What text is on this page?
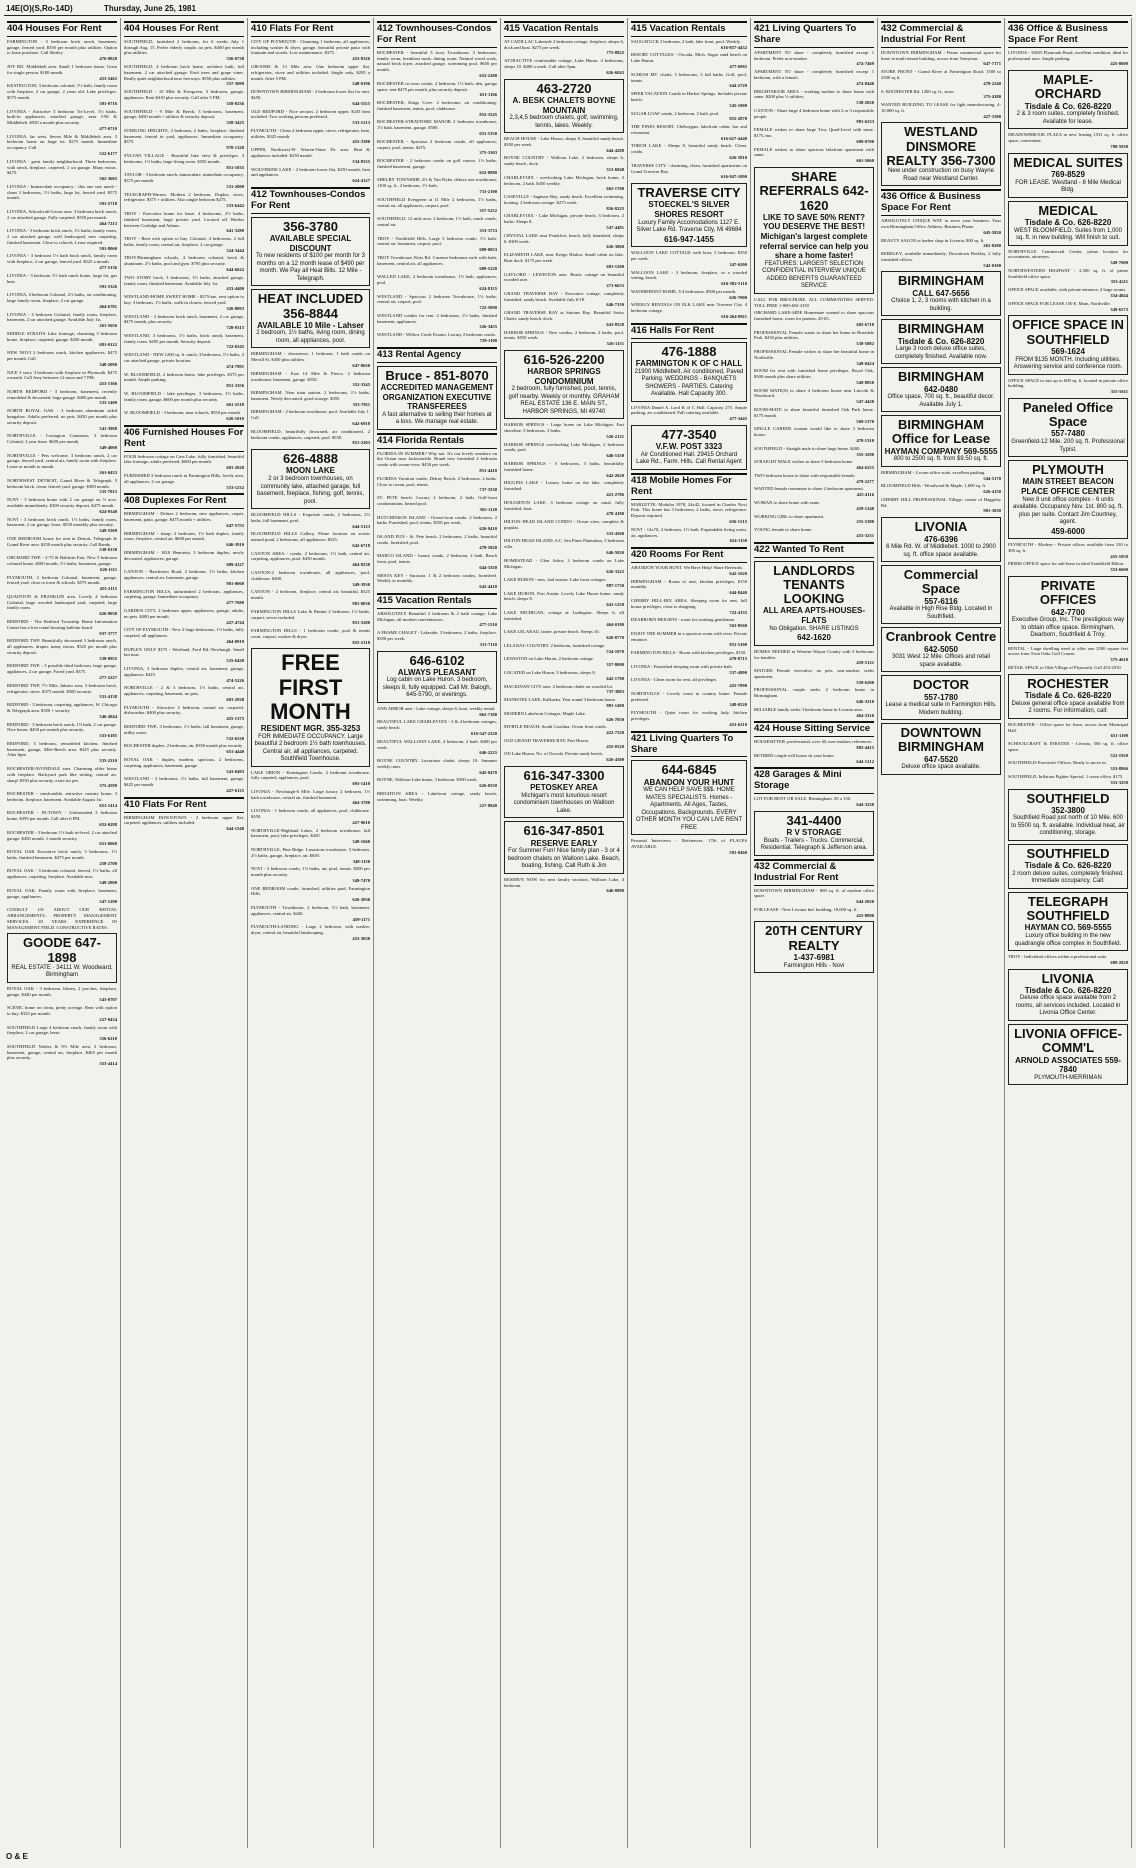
14E(O)(S,Ro-14D)	Thursday, June 25, 1981
404 Houses For Rent
FARMINGTON - 3 bedroom brick ranch, basement, garage, fenced yard. $550 per month plus utilities. Option to lease purchase. Call Shirley
476-0820
JOY RD. Middlebelt area. Small 1 bedroom home. Great for single person. $180 month.
453-5465
KEATINGTON, 3 bedroom colonial, 1½ bath, family room with fireplace, 2 car garage, 2 years old. Lake privileges. $575 month.
391-0716
LIVONIA - Attractive 3 bedroom Tri-Level, 1½ baths, built-in appliances, attached garage, near I-96 & Middlebelt. $550 a month plus security.
477-6710
LIVONIA, far west. Seven Mile & Middlebelt area. 3 bedroom home on large lot. $375 month. Immediate occupancy. Call
522-6177
LIVONIA - great family neighborhood. Three bedrooms, with ranch, fireplace, carpeted, 2 car garage. Many extras. $475.
562-3605
LIVONIA - Immaculate occupancy - this one size ranch - clean 3 bedrooms, 1½ baths, large lot, fenced yard. $575 month.
591-5718
LIVONIA, Schoolcraft-Levan area. 3 bedroom brick ranch, 2 car attached garage. Fully carpeted. $550 per month.
464-7213
LIVONIA - 3 bedroom brick ranch, 1½ baths, family room, 2 car attached garage, well landscaped, new carpeting, finished basement. Close to schools. Lease required.
591-8060
LIVONIA - 3 bedroom 1½ bath brick ranch, family room with fireplace, 2 car garage, fenced yard. $525 a month.
477-5136
LIVONIA - 3 bedroom 1½ bath ranch home, large lot, gas heat.
591-5326
LIVONIA, 4 bedroom Colonial, 2½ baths, air conditioning, large family room, fireplace, 2 car garage.
464-6781
LIVONIA - 4 bedroom Colonial, family room, fireplace, basement, 2 car attached garage. Available July 1st.
261-5656
MIDDLE STRAITS Lake frontage, charming 3 bedroom home, fireplace, carpeted, garage. $450 month.
681-0122
NEW NOVI 3 bedroom ranch, kitchen appliances, $475 per month. Call
348-2090
NICE 3 story 3 bedroom with fireplace in Plymouth. $475 a month. Call Jerry between 12 noon and 7 PM.
453-1366
NORTH REDFORD - 3 bedroom, basement, recently remodeled & decorated, large garage. $400 per month.
533-1409
NORTH ROYAL OAK - 3 bedroom aluminum sided bungalow. Adults preferred, no pets. $450 per month plus security deposit.
541-3998
NORTHVILLE - Lexington Commons, 3 bedroom Colonial, 2 year lease. $650 per month.
349-4000
NORTHVILLE - Pets welcome. 3 bedroom ranch, 2 car garage, fenced yard, central air, family room with fireplace. Lease or month to month.
261-0433
NORTHWEST DETROIT, Grand River & Telegraph. 3 bedroom brick, clean, fenced yard, garage. $300 month.
535-7015
NOVI - 3 bedroom home with 2 car garage on ½ acre, available immediately. $300 security deposit, $475 month.
624-9340
NOVI - 3 bedroom brick ranch, 1½ baths, family room, basement, 2 car garage, lease. $550 monthly plus security.
349-5569
ONE BEDROOM house for rent in Detroit, Telegraph & Grand River area. $250 month plus security. Call Randy.
538-0130
ORCHARD TWP. - 2-75 & Baldwin Exit. New 3 bedroom colonial home, $500 month, 1½ baths, basement, garage.
626-1111
PLYMOUTH, 3 bedroom Colonial, basement, garage, fenced yard, close to town & schools. $575 month.
455-2115
QUAINTON & FRANKLIN area. Lovely 4 bedroom Colonial, large wooded landscaped yard, carpeted, large family room.
626-9030
REDFORD - The Redford Township Home Information Center has a free rental housing bulletin board.
937-3777
REDFORD TWP. Beautifully decorated 3 bedroom ranch, all appliances, drapes, many extras. $525 per month plus security deposit.
538-0955
REDFORD TWP. - 3 possible third bedroom, large garage, appliances, 4 car garage. Faced yard. $375.
277-2227
REDFORD TWP, 7½ Mile, Inkster area, 3 bedroom brick, refrigerator, stove. $375 month. $500 security.
531-4138
REDFORD - 3 bedroom, carpeting, appliances, W. Chicago & Telegraph area. $350 + security.
546-4844
REDFORD - 3 bedroom brick ranch, 1½ bath, 2 car garage. Nice house. $450 per month plus security.
533-6185
REDFORD, 3 bedroom, remodeled kitchen, finished basement, garage, Mile-Beech area. $425 plus security. After 6pm
535-2210
ROCHESTER/AVONDALE area. Charming older home with fireplace. Backyard park like setting, central air, sharp! $550 plus security, extra for pet.
375-4599
ROCHESTER - comfortable, attractive country home, 3 bedroom, fireplace, basement. Available August 1st.
651-1414
ROCHESTER - IN-TOWN - Unfurnished 3 bedroom home, $395 per month. Call after 6 PM.
652-0288
ROCHESTER - 3 bedroom 1½ bath tri-level, 2 car attached garage. $450 month. 1 month security.
651-6060
ROYAL OAK Executive brick ranch, 3 bedrooms, 1½ baths, finished basement. $475 per month.
258-2700
ROYAL OAK - 3 bedroom colonial, fenced, 1½ baths, all appliances, carpeting, fireplace. Available now.
549-2800
ROYAL OAK. Family room with fireplace, basement, garage, appliances.
547-1290
CONSULT US ABOUT OUR RENTAL ARRANGEMENTS. PROPERTY MANAGEMENT SERVICES. 20 YEARS EXPERIENCE IN MANAGEMENT FIELD. CONSTRUCTIVE RATES.
GOODE 647-1898
REAL ESTATE · 34111 W. Woodward, Birmingham
ROYAL OAK - 3 bedroom, library, 2 porches, fireplace, garage, $440 per month.
543-0707
SCENIC home on clean, pretty acreage. Rent with option to buy. $325 per month.
227-9434
SOUTHFIELD Large 4 bedroom ranch, family room with fireplace, 2 car garage, lease.
356-6210
SOUTHFIELD Nobles & 9½ Mile area, 3 bedroom, basement, garage, central air, fireplace. $465 per month plus security.
353-4414
404 Houses For Rent
SOUTHFIELD, furnished 2 bedroom, for 6 weeks July 1 through Aug. 15. Prefer elderly couple, no pets. $400 per month plus utilities.
356-0738
SOUTHFIELD, 4 bedroom brick home, architect built, full basement, 2 car attached garage. Fruit trees and grape vines. Really quiet neighborhood near freeways. $550 plus utilities.
557-3099
SOUTHFIELD - 10 Mile & Evergreen, 3 bedroom, garage, appliances. Rent $410 plus security. Call after 5 PM.
358-0236
SOUTHFIELD - 9 Mile & Beech, 3 bedrooms, basement, garage, $450 month + utilities & security deposit.
358-3425
STERLING HEIGHTS, 3 bedroom, 2 baths, fireplace, finished basement, fenced in yard, appliances. Immediate occupancy. $575.
978-1320
SYLVAN VILLAGE - Beautiful lake view & privileges. 3 bedrooms, 1½ baths, large living room. $550 month.
851-1035
TAYLOR - 3 bedroom ranch, immaculate, immediate occupancy. $375 per month.
531-2000
TELEGRAPH-Warren. Modern 2 bedroom. Duplex, stove, refrigerator. $375 + utilities. Also single bedroom $275.
533-6442
TROY - Executive home for lease. 4 bedrooms, 2½ baths, finished basement, large private yard. Located off Wattles between Coolidge and Adams.
641-3280
TROY - Rent with option to buy. Colonial, 4 bedrooms, 2 full baths, family room, central air, fireplace, 2 car garage.
524-3444
TROY/Birmingham schools, 4 bedroom colonial, brick & aluminum. 2½ baths, pool and gym. $795 plus security.
644-6622
TWO STORY brick, 3 bedrooms, 1½ baths, attached garage, family room, finished basement. Available July 1st.
433-4400
WESTLAND-HOME SWEET HOME - $375/mo, rent option to buy. 3 bedroom, 1½ baths, walk-in closets, fenced yard.
326-8093
WESTLAND - 3 bedroom brick ranch, basement, 2 car garage, $475 month, plus security.
728-0315
WESTLAND, 3 bedrooms, 1½ baths, brick ranch, basement, family room. $495 per month. Security deposit.
722-0345
WESTLAND - NEW 1200 sq. ft. ranch, 3 bedrooms, 1½ baths, 2 car attached garage, private location.
474-7991
W. BLOOMFIELD, 2 bedroom home, lake privileges. $375 per month. Ample parking.
851-3356
W. BLOOMFIELD - lake privileges, 3 bedrooms, 1½ baths, family room, garage, $600 per month plus security.
661-2510
W. BLOOMFIELD - 3 bedroom, near schools, $550 per month.
626-1010
406 Furnished Houses For Rent
FOUR bedroom cottage on Cass Lake, fully furnished, beautiful lake frontage, adults preferred. $600 per month.
681-2020
FURNISHED 3 bedroom ranch in Farmington Hills, lovely area, all appliances, 2 car garage.
553-1232
408 Duplexes For Rent
BIRMINGHAM - Deluxe 2 bedroom, new appliances, carpet, basement, patio, garage. $475 month + utilities.
647-5755
BIRMINGHAM - sharp, 2 bedroom, 1½ bath duplex, family room, fireplace, central air. $600 per month.
646-3910
BIRMINGHAM - 1810 Henrietta, 3 bedroom duplex, newly decorated, appliances, garage.
689-4127
CANTON - Barchester Road, 2 bedroom, 1½ baths, kitchen appliances, central air, basement, garage.
981-0060
FARMINGTON HILLS, unfurnished 2 bedroom, appliances, carpeting, garage. Immediate occupancy.
477-7680
GARDEN CITY, 2 bedroom upper, appliances, garage, adults, no pets. $300 per month.
427-4744
CITY OF PLYMOUTH - New 2 large bedrooms, 1½ baths, fully carpeted, all appliances.
464-0919
DUPLEX ONLY $375 - Westland, Ford Rd.-Newburgh. Small but neat.
525-6420
LIVONIA, 3 bedroom duplex, central air, basement, garage, appliances. $425.
474-5226
NORTHVILLE - 2 & 3 bedroom, 1½ baths, central air, appliances, carpeting, basement, no pets.
681-2938
PLYMOUTH - Attractive 2 bedroom, central air, carpeted, dishwasher, $400 plus security.
455-1375
REDFORD TWP., 3 bedrooms, 1½ baths, full basement, garage, utility room.
532-6520
ROCHESTER duplex, 2 bedroom, air, $350 month plus security.
651-4440
ROYAL OAK - duplex, modern, spacious, 2 bedrooms, carpeting, appliances, basement, garage.
541-6493
WESTLAND - 2 bedrooms, 1½ baths, full basement, garage, $425 per month.
427-6125
410 Flats For Rent
BIRMINGHAM DOWNTOWN - 2 bedroom upper flat, carpeted, appliances, utilities included.
644-1540
410 Flats For Rent
CITY OF PLYMOUTH - Charming 1 bedroom, all appliances, including washer & dryer, garage, beautiful private patio with fountain and woods. Low maintenance. $375.
453-8326
GROOMS & 13 Mile area. One bedroom upper flat, refrigerator, stove and utilities included. Single only. $295 a month. After 5 PM.
548-0196
DOWNTOWN BIRMINGHAM - 2 bedroom lower flat for rent. $450.
644-5555
OLD REDFORD - Nice section, 2 bedroom upper. $245 heat included. Two working persons preferred.
533-1213
PLYMOUTH - Clean 2 bedroom upper, stove, refrigerator, heat, utilities. $325 month.
455-3380
UPPER, Northwest-W. Warren-Outer Dr. area. Heat & appliances included. $250 month.
534-8335
WOLVERINE LAKE - 2 bedroom lower flat, $250 month, heat and appliances.
624-4127
412 Townhouses-Condos For Rent
356-3780
AVAILABLE SPECIAL DISCOUNT
To new residents of $100 per month for 3 months on a 12 month lease of $490 per month. We Pay all Heat Bills. 12 Mile - Telegraph.
HEAT INCLUDED 356-8844
AVAILABLE 10 Mile - Lahser
2 bedroom, 1½ baths, living room, dining room, all appliances, pool.
BIRMINGHAM - downtown, 1 bedroom, 1 bath condo on Merrill St. $450 plus utilities.
647-0650
BIRMINGHAM - East 14 Mile & Pierce, 2 bedroom townhouse, basement, garage. $550.
352-3345
BIRMINGHAM. Near train station, 2 bedrooms, 1½ baths, basement. Newly decorated, good storage. $395.
353-7811
BIRMINGHAM - 2 bedroom townhouse, pool. Available July 1. Call
642-6918
BLOOMFIELD, beautifully decorated, air conditioned, 2 bedroom condo, appliances, carpeted, pool. $550.
851-2203
626-4888
MOON LAKE
2 or 3 bedroom townhouses, on community lake, attached garage, full basement, fireplace, fishing, golf, tennis, pool.
BLOOMFIELD HILLS - Exquisite condo, 2 bedrooms, 2½ baths, full basement, pool.
644-5123
BLOOMFIELD HILLS Gallery, Prime location on scenic natural pond, 2 bedrooms, all appliances. $525.
642-6718
CANTON AREA - condo, 2 bedrooms, 1½ bath, central air, carpeting, appliances, pool. $450 month.
464-8230
CANTON-2 bedroom townhouse, all appliances, pool, clubhouse. $400.
349-3930
CANTON - 2 bedroom, fireplace, central air, beautiful, $525 month.
981-0030
FARMINGTON HILLS Lake & Rimini 2 bedroom, 1½ baths, carport, sewer included.
851-5200
FARMINGTON HILLS - 1 bedroom condo, pool & tennis court, carport, washer & dryer.
855-2318
FREE FIRST MONTH
RESIDENT MGR. 355-3253
FOR IMMEDIATE OCCUPANCY. Large beautiful 2 bedroom 1½ bath townhouses. Central air, all appliances, carpeted. Southfield Townhouse.
LAKE ORION - Kensington Condo, 2 bedroom townhouse, fully carpeted, appliances, pool.
693-1410
LIVONIA - Newburgh-6 Mile. Large luxury 2 bedroom, 1½ bath townhouse, central air, finished basement.
464-3780
LIVONIA - 1 bedroom condo, all appliances, pool, clubhouse. $350.
427-9010
NORTHVILLE-Highland Lakes, 2 bedroom townhouse, full basement, pool, lake privileges. $450.
349-1660
NORTHVILLE, Pine Ridge. Luxurious townhouse, 3 bedroom, 2½ baths, garage, fireplace, air. $650.
348-1150
NOVI - 2 bedroom condo, 1½ baths, air, pool, tennis. $500 per month plus security.
349-7470
ONE BEDROOM condo, furnished, utilities paid, Farmington Hills.
626-3030
PLYMOUTH - Townhouse, 2 bedroom, 1½ bath, basement, appliances, central air. $440.
459-1171
PLYMOUTH-LANDING - Large 2 bedroom, with washer, dryer, central air, beautiful landscaping.
453-3030
412 Townhouses-Condos For Rent
ROCHESTER - beautiful 3 story Townhouse, 3 bedrooms, family room, breakfast nook, dining room. Natural wood work, natural brick foyer, attached garage, swimming pool. $650 per month.
652-2200
ROCHESTER in town condo, 2 bedroom, 1½ bath, den, garage space, rent $475 per month, plus security deposit.
651-1166
ROCHESTER, Kings Cove. 2 bedrooms, air conditioning, finished basement, tennis, pool, clubhouse.
852-3545
ROCHESTER-STRATFORD MANOR 2 bedroom townhouse, 1½ bath, basement, garage. $500.
651-5350
ROCHESTER - Spacious 2 bedroom condo, all appliances, carport, pool, tennis. $475.
375-3303
ROCHESTER - 2 bedroom condo on golf course, 1½ baths, finished basement, garage.
652-0880
SHELBY TOWNSHIP, 2½ & Van Dyke, deluxe one townhouse, 1100 sq. ft., 2 bedroom, 1½ bath.
731-2100
SOUTHFIELD Evergreen at 11 Mile 2 bedrooms, 1½ baths, central air, all appliances, carport, pool.
357-5252
SOUTHFIELD, 12 mile area. 2 bedroom, 1½ bath, ranch condo, central air.
353-3733
TROY - Northfield Hills. Large 3 bedroom condo, 1½ bath, central air, basement, carport, pool.
689-0033
TROY Townhouse, Kirts Rd. 3 master bedrooms each with bath, basement, central air, all appliances.
689-5220
WALLED LAKE, 2 bedroom townhouse, 1½ bath, appliances, pool.
624-8155
WESTLAND - Spacious 2 bedroom Townhouse, 1½ baths, central air, carport, pool.
722-5090
WESTLAND condos for rent. 2 bedrooms, 1½ baths, finished basement, appliances.
326-3455
WESTLAND - Willow Creek Estates. Luxury 2 bedroom condo.
729-1100
413 Rental Agency
Bruce - 851-8070
ACCREDITED MANAGEMENT ORGANIZATION EXECUTIVE TRANSFEREES
A fast alternative to selling their homes at a loss. We manage real estate.
414 Florida Rentals
FLORIDA IN SUMMER? Why not. It's our lovely seashore on the Ocean near Jacksonville. Brand new furnished 2 bedroom condo with ocean-view. $450 per week.
851-4410
FLORIDA Vacation condo, Delray Beach, 2 bedrooms, 2 baths. Close to ocean, pool, tennis.
737-3330
ST. PETE beach. Luxury 2 bedroom, 2 bath, Gulf-front condominium, heated pool.
565-1120
HUTCHINSON ISLAND - Ocean-front condo. 2 bedrooms, 2 baths. Furnished, pool, tennis, $550 per week.
626-9410
ISLAND FUN - St. Pete beach. 2 bedrooms, 2 baths, beautiful condo, furnished, pool.
478-5820
MARCO ISLAND - luxury condo, 2 bedroom, 2 bath. Beach front, pool, tennis.
644-3350
SIESTA KEY - Sarasota. 1 & 2 bedroom condos, furnished. Weekly or monthly.
642-4418
415 Vacation Rentals
ABSOLUTELY Beautiful 2 bedroom & 2 bath cottage, Lake Michigan, all modern conveniences.
477-1510
A FRAME CHALET - Lakeside, 3 bedrooms, 2 baths, fireplace. $350 per week.
313-7110
646-6102
ALWAYS PLEASANT
Log cabin on Lake Huron. 3 bedroom, sleeps 8, fully equipped. Call Mr. Balogh, 645-5790, or evenings.
ANN ARBOR area - Lake cottage, sleeps 6, boat, weekly rental.
662-7180
BEAUTIFUL LAKE CHARLEVOIX - 3 & 4 bedroom cottages, sandy beach.
616-547-2220
BEAUTIFUL WALLOON LAKE, 4 bedroom, 2 bath. $400 per week.
646-2225
BOYNE COUNTRY. Luxurious chalet, sleeps 10. Summer weekly rates.
645-0470
BOYNE, Walloon Lake home, 3 bedroom. $500 week.
626-0550
BRIGHTON AREA - Lakefront cottage, sandy beach, swimming, boat. Weekly.
227-8840
415 Vacation Rentals
AT CADILLAC Lakeside 2 bedroom cottage, fireplace, sleeps 6, dock and boat. $275 per week.
775-8822
ATTRACTIVE comfortable cottage, Lake Huron. 4 bedrooms, sleeps 10. $400 a week. Call after 5pm.
626-6843
463-2720
A. BESK CHALETS BOYNE MOUNTAIN
2,3,4,5 bedroom chalets, golf, swimming, tennis, lakes. Weekly.
BEACH HOUSE - Lake Huron, sleeps 8, beautiful sandy beach. $350 per week.
644-4288
BOYNE COUNTRY - Walloon Lake, 2 bedroom, sleeps 6, sandy beach, dock.
313-6848
CHARLEVOIX - overlooking Lake Michigan, brick home, 3 bedroom, 2 bath. $450 weekly.
662-1700
CASEVILLE - Saginaw Bay, sandy beach. Excellent swimming, boating. 2 bedroom cottage. $275 week.
856-8225
CHARLEVOIX - Lake Michigan, private beach, 3 bedroom, 2 baths. Sleeps 8.
547-4491
CRYSTAL LAKE near Frankfort, beach, fully furnished, sleeps 6. $300 week.
626-3860
ELIZABETH LAKE, near Keego Harbor. Small cabin on lake. Boat dock. $175 per week.
681-1200
GAYLORD - LEWISTON area. Rustic cottage on beautiful wooded acre.
271-6633
GRAND TRAVERSE BAY - Executive cottage, completely furnished, sandy beach. Available July 6-18.
646-7150
GRAND TRAVERSE BAY at Suttons Bay. Beautiful Swiss Chalet, sandy beach, dock.
643-8558
HARBOR SPRINGS - New condos, 2 bedroom, 2 baths, pool, tennis. $550 week.
526-1151
616-526-2200
HARBOR SPRINGS CONDOMINIUM
2 bedroom, fully furnished, pool, tennis, golf nearby. Weekly or monthly. GRAHAM REAL ESTATE 136 E. MAIN ST., HARBOR SPRINGS, MI 49740
HARBOR SPRINGS - Large home on Lake Michigan. Fast shoreline, 5 bedrooms, 3 baths.
526-2121
HARBOR SPRINGS overlooking Lake Michigan, 2 bedroom condo, pool.
646-5150
HARBOR SPRINGS - 5 bedrooms, 3 baths, beautifully furnished home.
642-2620
HIGGINS LAKE - Luxury home on the lake, completely furnished.
421-2786
HOUGHTON LAKE, 3 bedroom cottage on canal, fully furnished, boat.
478-4180
HILTON HEAD ISLAND CONDO - Ocean view, complete & popular.
333-4560
HILTON HEAD ISLAND, S.C. Sea Pines Plantation, 3 bedroom villa.
646-5020
HOMESTEAD - Glen Arbor, 3 bedroom condo on Lake Michigan.
626-3322
LAKE HURON - new, 2nd season. Lake front cottages.
887-1730
LAKE HURON, Port Austin. Lovely Lake Huron home, sandy beach, sleeps 8.
641-1250
LAKE MICHIGAN, cottage at Ludington. Sleeps 6, all furnished.
464-0180
LAKE LELANAU, home, private beach. Sleeps 10.
626-8770
LELANAU COUNTRY. 2 bedroom, furnished cottage.
534-1070
LEWISTON on Lake Huron, 2 bedroom cottage.
357-8000
LOCATED on Lake Huron, 3 bedrooms, sleeps 8.
642-1790
MACKINAW CITY area. 2 bedroom chalet on wooded lot.
737-3883
MANISTEE LAKE, Kalkaska. Year round 3 bedroom home.
981-1490
MODERN Lakefront Cottages. Maple Lake.
626-7050
MYRTLE BEACH, South Carolina. Ocean front condo.
422-7520
OLD GRAND TRAVERSE BAY, Port Huron.
455-0320
ON Lake Huron, No. of Oscoda. Private sandy beach.
626-4300
616-347-3300
PETOSKEY AREA
Michigan's most luxurious resort condominium townhouses on Walloon Lake.
616-347-8501
RESERVE EARLY
For Summer Fun! Nice family plan - 3 or 4 bedroom chalets on Walloon Lake. Beach, boating, fishing. Call Ruth & Jim
RESERVE NOW for next family vacation, Walloon Lake, 4 bedroom.
646-0880
415 Vacation Rentals
SAUGATUCK 3 bedroom, 2 bath, lake front, pool. Weekly.
616-857-4432
RESORT COTTAGES - Oscoda, Mich. Sugar sand beach on Lake Huron.
477-6992
SCHUSS MT. chalet, 5 bedrooms, 3 full baths. Golf, pool, tennis.
644-2729
SPIER VACATION Condo in Harbor Springs. Includes private beach.
545-1000
SUGAR LOAF condo, 2 bedroom, 2 bath, pool.
855-2870
THE PINES RESORT. Cheboygan, lakefront cabin, bar and restaurant.
616-627-4440
TORCH LAKE - Sleeps 8, beautiful sandy beach. Clean, condo.
626-5810
TRAVERSE CITY - charming, clean, furnished apartments on Grand Traverse Bay.
616-947-1090
TRAVERSE CITY
STOECKEL'S SILVER SHORES RESORT
Luxury Family Accomodations 1127 E. Silver Lake Rd. Traverse City, Mi 49684
616-947-1455
WALLOON LAKE COTTAGE with boat, 3 bedroom. $350 per week.
347-6200
WALLOON LAKE - 3 bedroom, fireplace, in a wooded setting, beach.
616-582-5110
WATERFRONT HOME, 3-4 bedrooms, $500 per month.
626-7000
WEEKLY RENTALS ON ELK LAKE near Traverse City. 4 bedroom cottage.
616-264-9811
416 Halls For Rent
476-1888
FARMINGTON K OF C HALL
21900 Middlebelt. Air conditioned, Paved Parking. WEDDINGS - BANQUETS SHOWERS - PARTIES. Catering Available. Hall Capacity 300.
LIVONIA Daniel A. Lord K of C Hall. Capacity 275. Ample parking, air conditioned. Full catering available.
477-3445
477-3540
V.F.W. POST 3323
Air Conditioned Hall. 29415 Orchard Lake Rd., Farm. Hills. Call Rental Agent
418 Mobile Homes For Rent
MARLETTE: Modular 1978, 24x42, located in Charles Novi Park. This home has 3 bedrooms, 2 baths, stove, refrigerator. Deposit required.
656-1515
NOVI - 14x70, 2 bedroom, 1½ bath, Expandable living room, air, appliances.
624-1150
420 Rooms For Rent
ABANDON YOUR HUNT. We Have Help! Share Referrals.
642-1620
BIRMINGHAM - Room to rent, kitchen privileges, $150 monthly.
644-8440
CHERRY HILL-HIX AREA. Sleeping room for rent, full house privileges, close to shopping.
722-4135
DEARBORN HEIGHTS - room for working gentleman.
563-8560
ENJOY THE SUMMER in a spacious room with view. Private entrance.
851-5190
FARMINGTON HILLS - Room with kitchen privileges. $150.
478-8715
LIVONIA - Furnished sleeping room with private bath.
537-4990
LIVONIA - Clean room for rent, all privileges.
425-7890
NORTHVILLE - Lovely room in country home. Female preferred.
348-0520
PLYMOUTH - Quiet room for working lady, kitchen privileges.
453-6210
421 Living Quarters To Share
644-6845
ABANDON YOUR HUNT
WE CAN HELP SAVE $$$. HOME MATES SPECIALISTS. Homes - Apartments. All Ages, Tastes, Occupations, Backgrounds. EVERY OTHER MONTH YOU CAN LIVE RENT FREE
Personal Interviews - References. 17th of PLACES AVAILABLE.
591-0460
421 Living Quarters To Share
APARTMENT TO share - completely furnished except 1 bedroom. Prefer non-smoker.
474-7469
APARTMENT TO share - completely furnished except 1 bedroom, with a female.
474-8440
BRIGHTMOOR AREA - working mother to share home with same. $200 plus ½ utilities.
538-2020
CANTON - Share large 4 bedroom home with 2 or 3 responsible people.
981-6233
FEMALE wishes to share large Troy Quad-Level with same. $175./mo.
689-0700
FEMALE wishes to share spacious lakefront apartment with same.
661-5060
SHARE REFERRALS 642-1620
LIKE TO SAVE 50% RENT? YOU DESERVE THE BEST! Michigan's largest complete referral service can help you share a home faster!
FEATURES: LARGEST SELECTION CONFIDENTIAL INTERVIEW UNIQUE ADDED BENEFITS GUARANTEED SERVICE
CALL FOR BROCHURE. ALL COMMUNITIES SERVED. TOLL FREE 1-800-482-4150
ORCHARD LAKE-SIDE Homemate wanted to share spacious furnished home, room for parents, 45-65.
682-6710
PROFESSIONAL Female wants to share her home in Rosedale Park. $230 plus utilities.
538-5882
PROFESSIONAL Female wishes to share her beautiful home in Northville.
349-0424
ROOM for rent with furnished home privileges, Royal Oak, $300 month plus share utilities.
549-8850
ROOM MATE(S) to share 4 bedroom house near Lincoln & Woodward.
547-4420
ROOM-MATE to share beautiful furnished Oak Park home. $175 month.
569-1370
SINGLE CAREER woman would like to share 3 bedroom house.
478-1310
SOUTHFIELD - Straight male to share large home. $200.
355-3290
STRAIGHT MALE wishes to share 5 bedroom home.
464-6255
TWO bedroom house to share with responsible female.
479-2277
WANTED female roommate to share 2 bedroom apartment.
425-4116
WOMAN to share home with same.
459-1240
WORKING GIRL to share apartment.
255-5380
YOUNG female to share home.
453-3231
422 Wanted To Rent
LANDLORDS TENANTS LOOKING
ALL AREA APTS-HOUSES-FLATS
No Obligation. SHARE LISTINGS
642-1620
HOMES NEEDED in Western Wayne County with 3 bedrooms for families.
459-5121
MATURE Female executive, no pets, non-smoker, seeks apartment.
559-6200
PROFESSIONAL couple seeks 2 bedroom home in Birmingham.
646-3210
RELIABLE family seeks 3 bedroom home in Livonia area.
464-3310
424 House Sitting Service
HOUSESITTER: professional, over 40, non-smoker, references.
882-4415
RETIRED couple will house sit your home.
644-1212
428 Garages & Mini Storage
LOT FOR RENT OR SALE. Birmingham. 50 x 150.
644-3220
341-4400
R V STORAGE
Boats - Trailers - Trucks. Commercial, Residential. Telegraph & Jefferson area.
432 Commercial & Industrial For Rent
DOWNTOWN BIRMINGHAM - 800 sq. ft. of modern office space.
644-2020
FOR LEASE - New Livonia Ind. building, 18,000 sq. ft.
425-8890
20TH CENTURY REALTY
1-437-6981
Farmington Hills - Novi
432 Commercial & Industrial For Rent
DOWNTOWN BIRMINGHAM - Prime commercial space for lease in multi tenant building, across from Tennyson.
647-7171
STORE FRONT - Grand River at Farmington Road. 1500 to 2500 sq ft.
478-2240
S. ROCHESTER Rd. 1200 sq. ft., store.
375-4380
WANTED BUILDING TO LEASE for light manufacturing, 4-10,000 sq. ft.
427-3300
WESTLAND
DINSMORE REALTY 356-7300
New under construction on busy Wayne Road near Westland Center.
436 Office & Business Space For Rent
ABSOLUTELY UNIQUE WAY to serve your business. Your own Birmingham Office Address, Business Phone.
645-5820
BEAUTY SALON or barber shop in Livonia, 800 sq. ft.
261-8200
BERKLEY, available immediately, Downtown Berkley, 2 fully furnished offices.
542-0100
BIRMINGHAM
CALL 647-5656
Choice 1, 2, 3 rooms with kitchen in a building.
BIRMINGHAM
Tisdale & Co. 626-8220
Large 3 room deluxe office suites, completely finished. Available now.
BIRMINGHAM
642-0480
Office space, 700 sq. ft., beautiful decor. Available July 1.
BIRMINGHAM Office for Lease
HAYMAN COMPANY 569-5555
800 to 2500 sq. ft. from $9.50 sq. ft.
BIRMINGHAM - 2 room office suite, excellent parking.
544-5170
BLOOMFIELD Hills - Woodward & Maple, 1,600 sq. ft.
626-4150
CHERRY HILL PROFESSIONAL Village, corner of Haggerty Rd.
981-3030
LIVONIA
476-6396
6 Mile Rd. W. of Middlebelt. 1000 to 2900 sq. ft. office space available.
Commercial Space
557-6116
Available in High Rise Bldg. Located in Southfield.
Cranbrook Centre
642-5050
3031 West 12 Mile. Offices and retail space available.
DOCTOR
557-1780
Lease a medical suite in Farmington Hills. Modern building.
DOWNTOWN BIRMINGHAM
647-5520
Deluxe office space available.
436 Office & Business Space For Rent
LIVONIA - 10825 Plymouth Road, excellent condition, ideal for professional uses. Ample parking.
425-8600
MAPLE-ORCHARD
Tisdale & Co. 626-8220
2 & 3 room suites, completely finished. Available for lease.
MEADOWBROOK PLAZA in new leasing 1531 sq. ft. office space, convenient.
788-5930
MEDICAL SUITES
769-8529
FOR LEASE. Westland - 8 Mile Medical Bldg.
MEDICAL
Tisdale & Co. 626-8220
WEST BLOOMFIELD. Suites from 1,000 sq. ft. in new building. Will finish to suit.
NORTHVILLE Commercial Center, prime location for accountants, attorneys.
349-7600
NORTHWESTERN HIGHWAY - 2,500 sq. ft. of prime Southfield office space.
353-4211
OFFICE SPACE available, with private entrance, 2 large rooms.
354-4844
OFFICE SPACE FOR LEASE 150 E. Main, Northville.
349-6573
OFFICE SPACE IN SOUTHFIELD
569-1624
FROM $135 MONTH. Including utilities. Answering service and conference room.
OFFICE SPACE to suit up to 600 sq. ft. located in private office building.
355-5611
Paneled Office Space
557-7480
Greenfield-12 Mile. 200 sq. ft. Professional Typist.
PLYMOUTH
MAIN STREET BEACON PLACE OFFICE CENTER
New 8 unit office complex - 6 units available. Occupancy Nov. 1st. 800 sq. ft. plus per suite. Contact Jim Courtney, agent.
459-6000
PLYMOUTH - Modern - Private offices available from 150 to 300 sq. ft.
455-1050
PRIME OFFICE space for sub-lease in ideal Southfield Hilton.
353-6600
PRIVATE OFFICES
642-7700
Executive Group, Inc. The prestigious way to obtain office space. Birmingham, Dearborn, Southfield & Troy.
RENTAL - Large dwelling need to offer one 2500 square feet across from Twin Oaks Golf Course.
375-4610
RETAIL SPACE to Olde Village of Plymouth. Call 453-2910
ROCHESTER
Tisdale & Co. 626-8220
Deluxe general office space available from 2 rooms. For information, call:
ROCHESTER - Office space for lease, across from Municipal Hall.
651-1100
SCHOOLCRAFT & INKSTER - Livonia, 500 sq. ft. office space.
522-1920
SOUTHFIELD-Executive Offices. Ready to move in.
353-8866
SOUTHFIELD, Inflation Fighter Special, 1 room office, $175.
353-3250
SOUTHFIELD
352-3800
Southfield Road just north of 10 Mile. 600 to 5500 sq. ft. available. Individual heat, air conditioning, storage.
SOUTHFIELD
Tisdale & Co. 626-8220
2 room deluxe suites, completely finished. Immediate occupancy. Call:
TELEGRAPH SOUTHFIELD
HAYMAN CO. 569-5555
Luxury office building in the new quadrangle office complex in Southfield.
TROY - Individual offices within a professional suite.
689-2828
LIVONIA
Tisdale & Co. 626-8220
Deluxe office space available from 2 rooms, all services included. Located in Livonia Office Center.
LIVONIA OFFICE-COMM'L
ARNOLD ASSOCIATES 559-7840
PLYMOUTH-MERRIMAN
O & E
